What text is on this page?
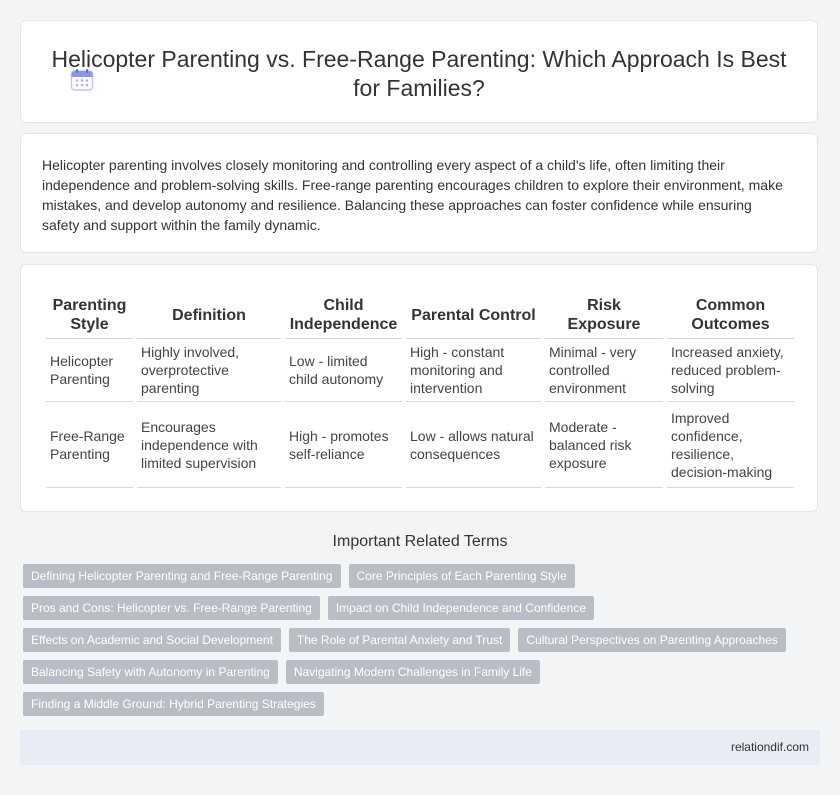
Helicopter Parenting vs. Free-Range Parenting: Which Approach Is Best for Families?

Helicopter parenting involves closely monitoring and controlling every aspect of a child's life, often limiting their independence and problem-solving skills. Free-range parenting encourages children to explore their environment, make mistakes, and develop autonomy and resilience. Balancing these approaches can foster confidence while ensuring safety and support within the family dynamic.

Parenting Style	Definition	Child Independence	Parental Control	Risk Exposure	Common Outcomes
Helicopter Parenting	Highly involved, overprotective parenting	Low - limited child autonomy	High - constant monitoring and intervention	Minimal - very controlled environment	Increased anxiety, reduced problem-solving
Free-Range Parenting	Encourages independence with limited supervision	High - promotes self-reliance	Low - allows natural consequences	Moderate - balanced risk exposure	Improved confidence, resilience, decision-making
Important Related Terms
Defining Helicopter Parenting and Free-Range Parenting	Core Principles of Each Parenting Style
Pros and Cons: Helicopter vs. Free-Range Parenting	Impact on Child Independence and Confidence
Effects on Academic and Social Development	The Role of Parental Anxiety and Trust	Cultural Perspectives on Parenting Approaches
Balancing Safety with Autonomy in Parenting	Navigating Modern Challenges in Family Life
Finding a Middle Ground: Hybrid Parenting Strategies
relationdif.com
